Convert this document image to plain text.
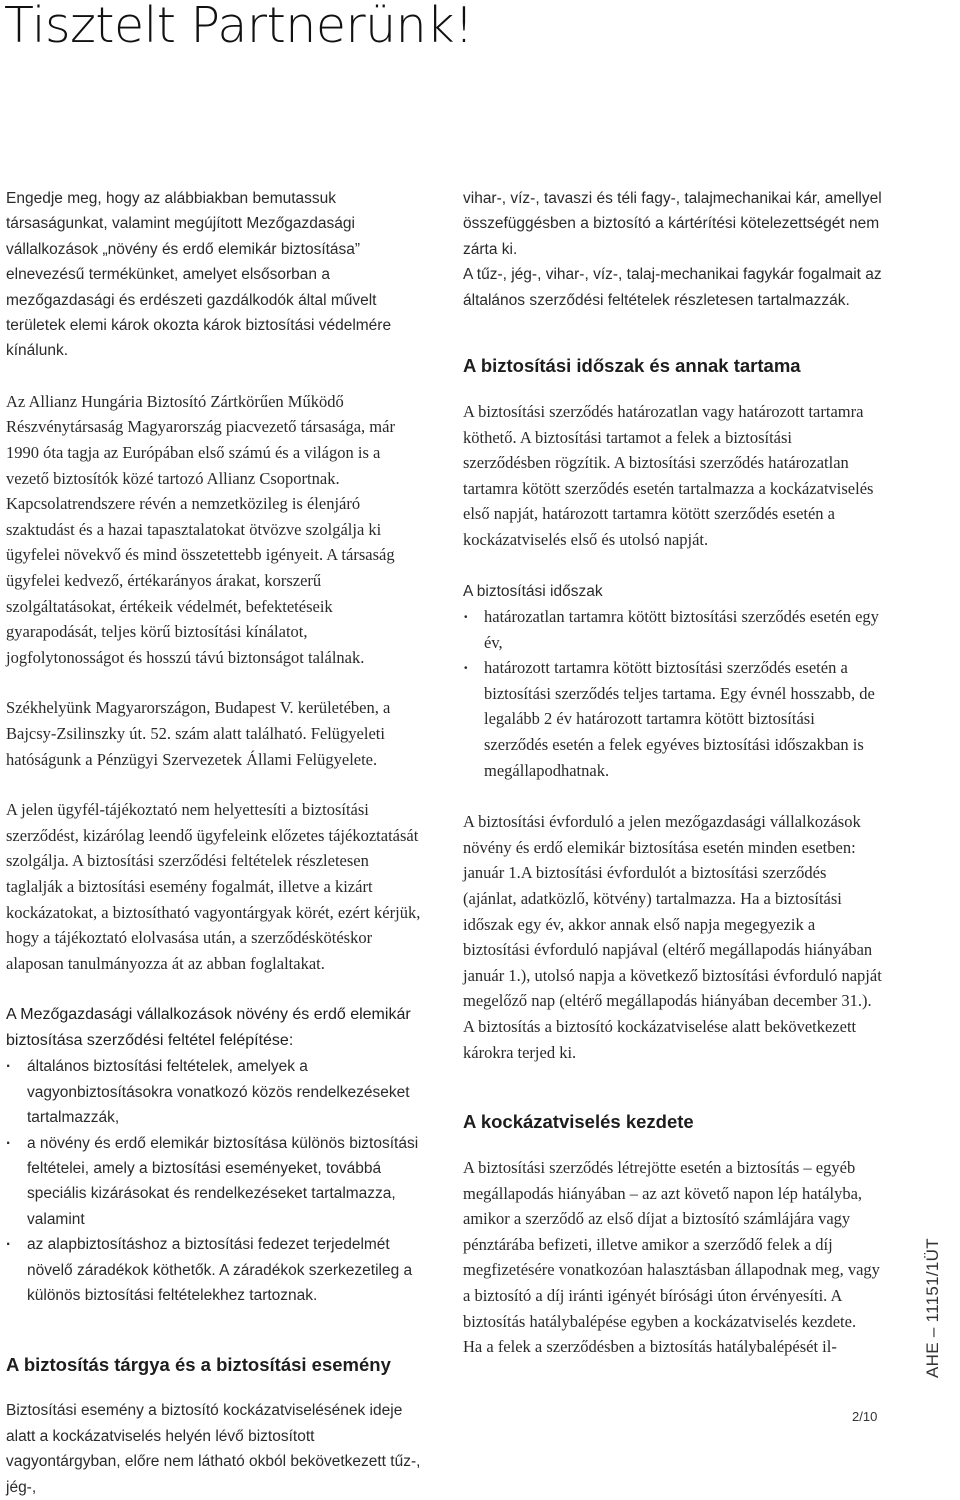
Tisztelt Partnerünk!

Engedje meg, hogy az alábbiakban bemutassuk társaságunkat, valamint megújított Mezőgazdasági vállalkozások „növény és erdő elemikár biztosítása” elnevezésű termékünket, amelyet elsősorban a mezőgazdasági és erdészeti gazdálkodók által művelt területek elemi károk okozta károk biztosítási védelmére kínálunk.

Az Allianz Hungária Biztosító Zártkörűen Működő Részvénytársaság Magyarország piacvezető társasága, már 1990 óta tagja az Európában első számú és a világon is a vezető biztosítók közé tartozó Allianz Csoportnak. Kapcsolatrendszere révén a nemzetközileg is élenjáró szaktudást és a hazai tapasztalatokat ötvözve szolgálja ki ügyfelei növekvő és mind összetettebb igényeit. A társaság ügyfelei kedvező, értékarányos árakat, korszerű szolgáltatásokat, értékeik védelmét, befektetéseik gyarapodását, teljes körű biztosítási kínálatot, jogfolytonosságot és hosszú távú biztonságot találnak.

Székhelyünk Magyarországon, Budapest V. kerületében, a Bajcsy-Zsilinszky út. 52. szám alatt található. Felügyeleti hatóságunk a Pénzügyi Szervezetek Állami Felügyelete.

A jelen ügyfél-tájékoztató nem helyettesíti a biztosítási szerződést, kizárólag leendő ügyfeleink előzetes tájékoztatását szolgálja. A biztosítási szerződési feltételek részletesen taglalják a biztosítási esemény fogalmát, illetve a kizárt kockázatokat, a biztosítható vagyontárgyak körét, ezért kérjük, hogy a tájékoztató elolvasása után, a szerződéskötéskor alaposan tanulmányozza át az abban foglaltakat.

A Mezőgazdasági vállalkozások növény és erdő elemikár biztosítása szerződési feltétel felépítése:

· általános biztosítási feltételek, amelyek a vagyonbiztosításokra vonatkozó közös rendelkezéseket tartalmazzák,
· a növény és erdő elemikár biztosítása különös biztosítási feltételei, amely a biztosítási eseményeket, továbbá speciális kizárásokat és rendelkezéseket tartalmazza, valamint
· az alapbiztosításhoz a biztosítási fedezet terjedelmét növelő záradékok köthetők. A záradékok szerkezetileg a különös biztosítási feltételekhez tartoznak.
A biztosítás tárgya és a biztosítási esemény

Biztosítási esemény a biztosító kockázatviselésének ideje alatt a kockázatviselés helyén lévő biztosított vagyontárgyban, előre nem látható okból bekövetkezett tűz-, jég-,

vihar-, víz-, tavaszi és téli fagy-, talajmechanikai kár, amellyel összefüggésben a biztosító a kártérítési kötelezettségét nem zárta ki.

A tűz-, jég-, vihar-, víz-, talaj-mechanikai fagykár fogalmait az általános szerződési feltételek részletesen tartalmazzák.

A biztosítási időszak és annak tartama

A biztosítási szerződés határozatlan vagy határozott tartamra köthető. A biztosítási tartamot a felek a biztosítási szerződésben rögzítik. A biztosítási szerződés határozatlan tartamra kötött szerződés esetén tartalmazza a kockázatviselés első napját, határozott tartamra kötött szerződés esetén a kockázatviselés első és utolsó napját.

A biztosítási időszak

· határozatlan tartamra kötött biztosítási szerződés esetén egy év,
· határozott tartamra kötött biztosítási szerződés esetén a biztosítási szerződés teljes tartama. Egy évnél hosszabb, de legalább 2 év határozott tartamra kötött biztosítási szerződés esetén a felek egyéves biztosítási időszakban is megállapodhatnak.

A biztosítási évforduló a jelen mezőgazdasági vállalkozások növény és erdő elemikár biztosítása esetén minden esetben: január 1.A biztosítási évfordulót a biztosítási szerződés (ajánlat, adatközlő, kötvény) tartalmazza. Ha a biztosítási időszak egy év, akkor annak első napja megegyezik a biztosítási évforduló napjával (eltérő megállapodás hiányában január 1.), utolsó napja a következő biztosítási évforduló napját megelőző nap (eltérő megállapodás hiányában december 31.).

A biztosítás a biztosító kockázatviselése alatt bekövetkezett károkra terjed ki.

A kockázatviselés kezdete

A biztosítási szerződés létrejötte esetén a biztosítás – egyéb megállapodás hiányában – az azt követő napon lép hatályba, amikor a szerződő az első díjat a biztosító számlájára vagy pénztárába befizeti, illetve amikor a szerződő felek a díj megfizetésére vonatkozóan halasztásban állapodnak meg, vagy a biztosító a díj iránti igényét bírósági úton érvényesíti. A biztosítás hatálybalépése egyben a kockázatviselés kezdete.

Ha a felek a szerződésben a biztosítás hatálybalépését il-	AHE – 11151/1ÜT
2/10
